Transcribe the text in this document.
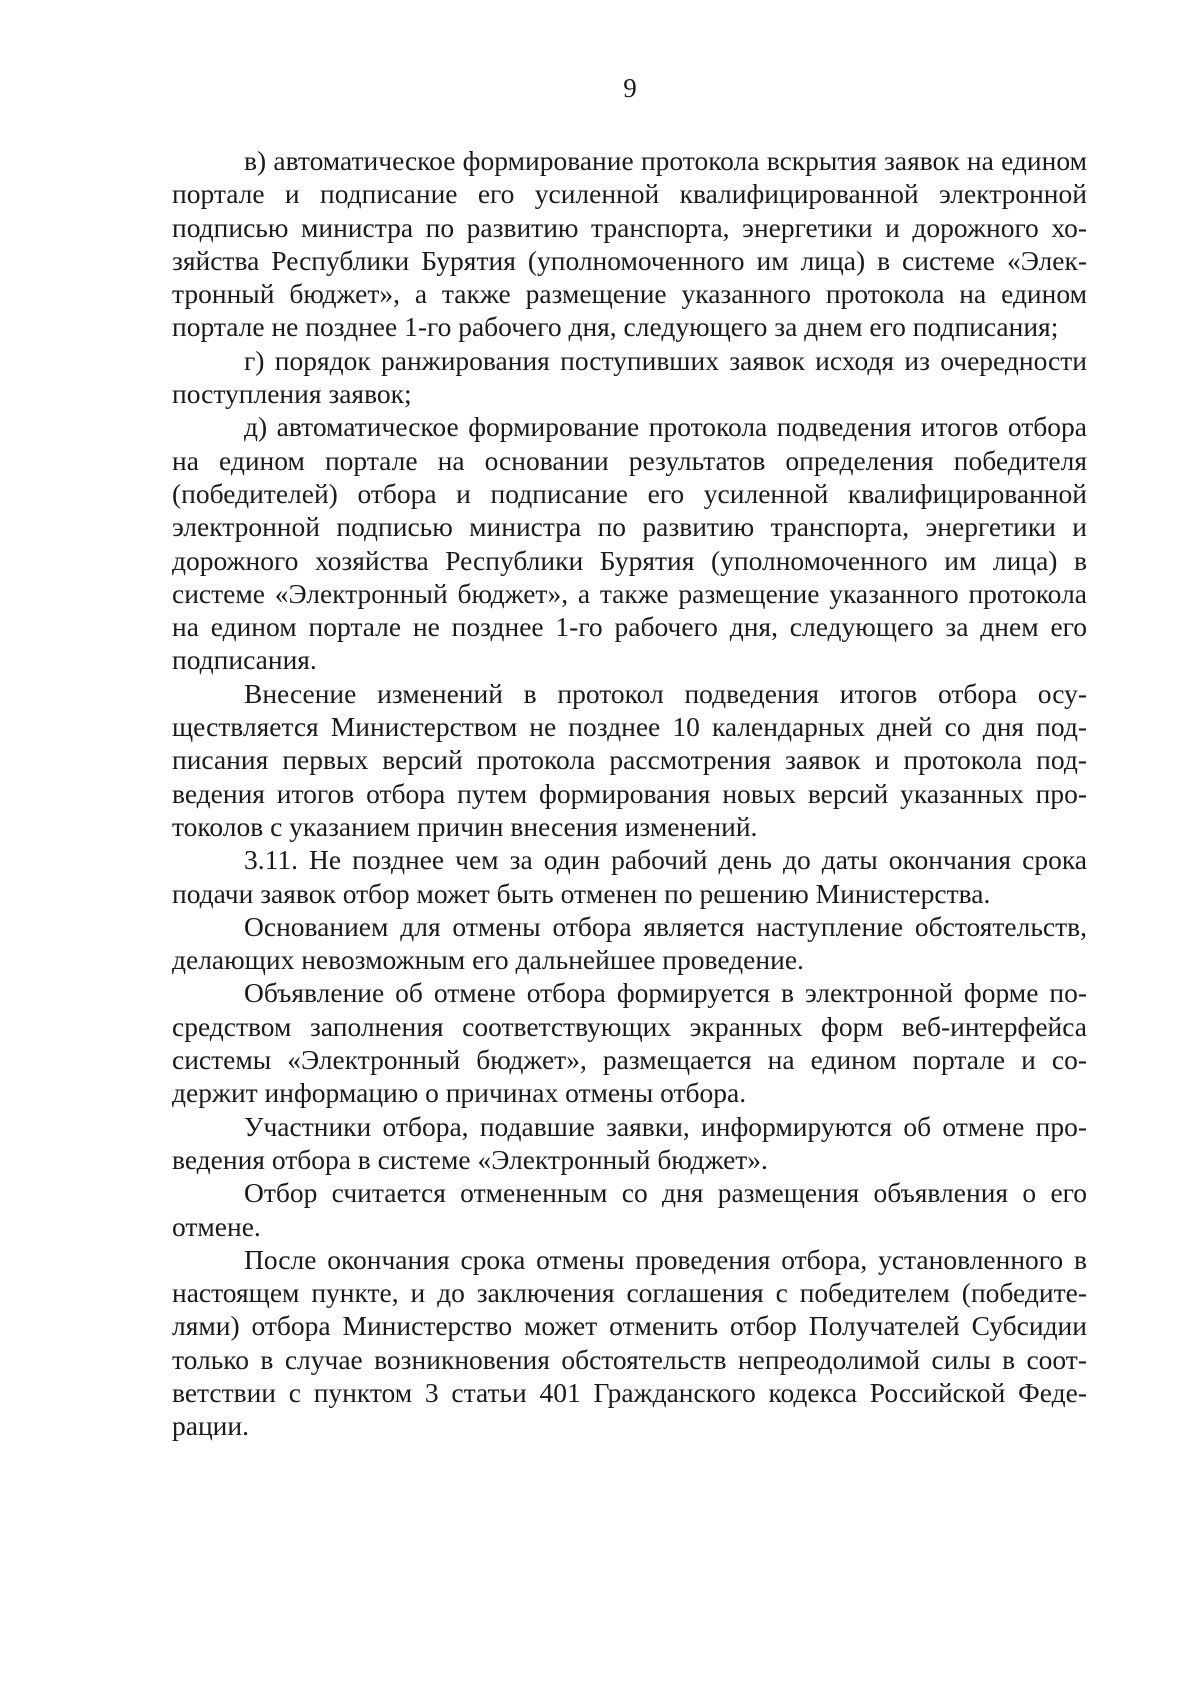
9

в) автоматическое формирование протокола вскрытия заявок на едином портале и подписание его усиленной квалифицированной электронной подписью министра по развитию транспорта, энергетики и дорожного хозяйства Республики Бурятия (уполномоченного им лица) в системе «Электронный бюджет», а также размещение указанного протокола на едином портале не позднее 1-го рабочего дня, следующего за днем его подписания;

г) порядок ранжирования поступивших заявок исходя из очередности поступления заявок;

д) автоматическое формирование протокола подведения итогов отбора на едином портале на основании результатов определения победителя (победителей) отбора и подписание его усиленной квалифицированной электронной подписью министра по развитию транспорта, энергетики и дорожного хозяйства Республики Бурятия (уполномоченного им лица) в системе «Электронный бюджет», а также размещение указанного протокола на едином портале не позднее 1-го рабочего дня, следующего за днем его подписания.

Внесение изменений в протокол подведения итогов отбора осуществляется Министерством не позднее 10 календарных дней со дня подписания первых версий протокола рассмотрения заявок и протокола подведения итогов отбора путем формирования новых версий указанных протоколов с указанием причин внесения изменений.

3.11. Не позднее чем за один рабочий день до даты окончания срока подачи заявок отбор может быть отменен по решению Министерства.

Основанием для отмены отбора является наступление обстоятельств, делающих невозможным его дальнейшее проведение.

Объявление об отмене отбора формируется в электронной форме посредством заполнения соответствующих экранных форм веб-интерфейса системы «Электронный бюджет», размещается на едином портале и содержит информацию о причинах отмены отбора.

Участники отбора, подавшие заявки, информируются об отмене проведения отбора в системе «Электронный бюджет».

Отбор считается отмененным со дня размещения объявления о его отмене.

После окончания срока отмены проведения отбора, установленного в настоящем пункте, и до заключения соглашения с победителем (победителями) отбора Министерство может отменить отбор Получателей Субсидии только в случае возникновения обстоятельств непреодолимой силы в соответствии с пунктом 3 статьи 401 Гражданского кодекса Российской Федерации.
